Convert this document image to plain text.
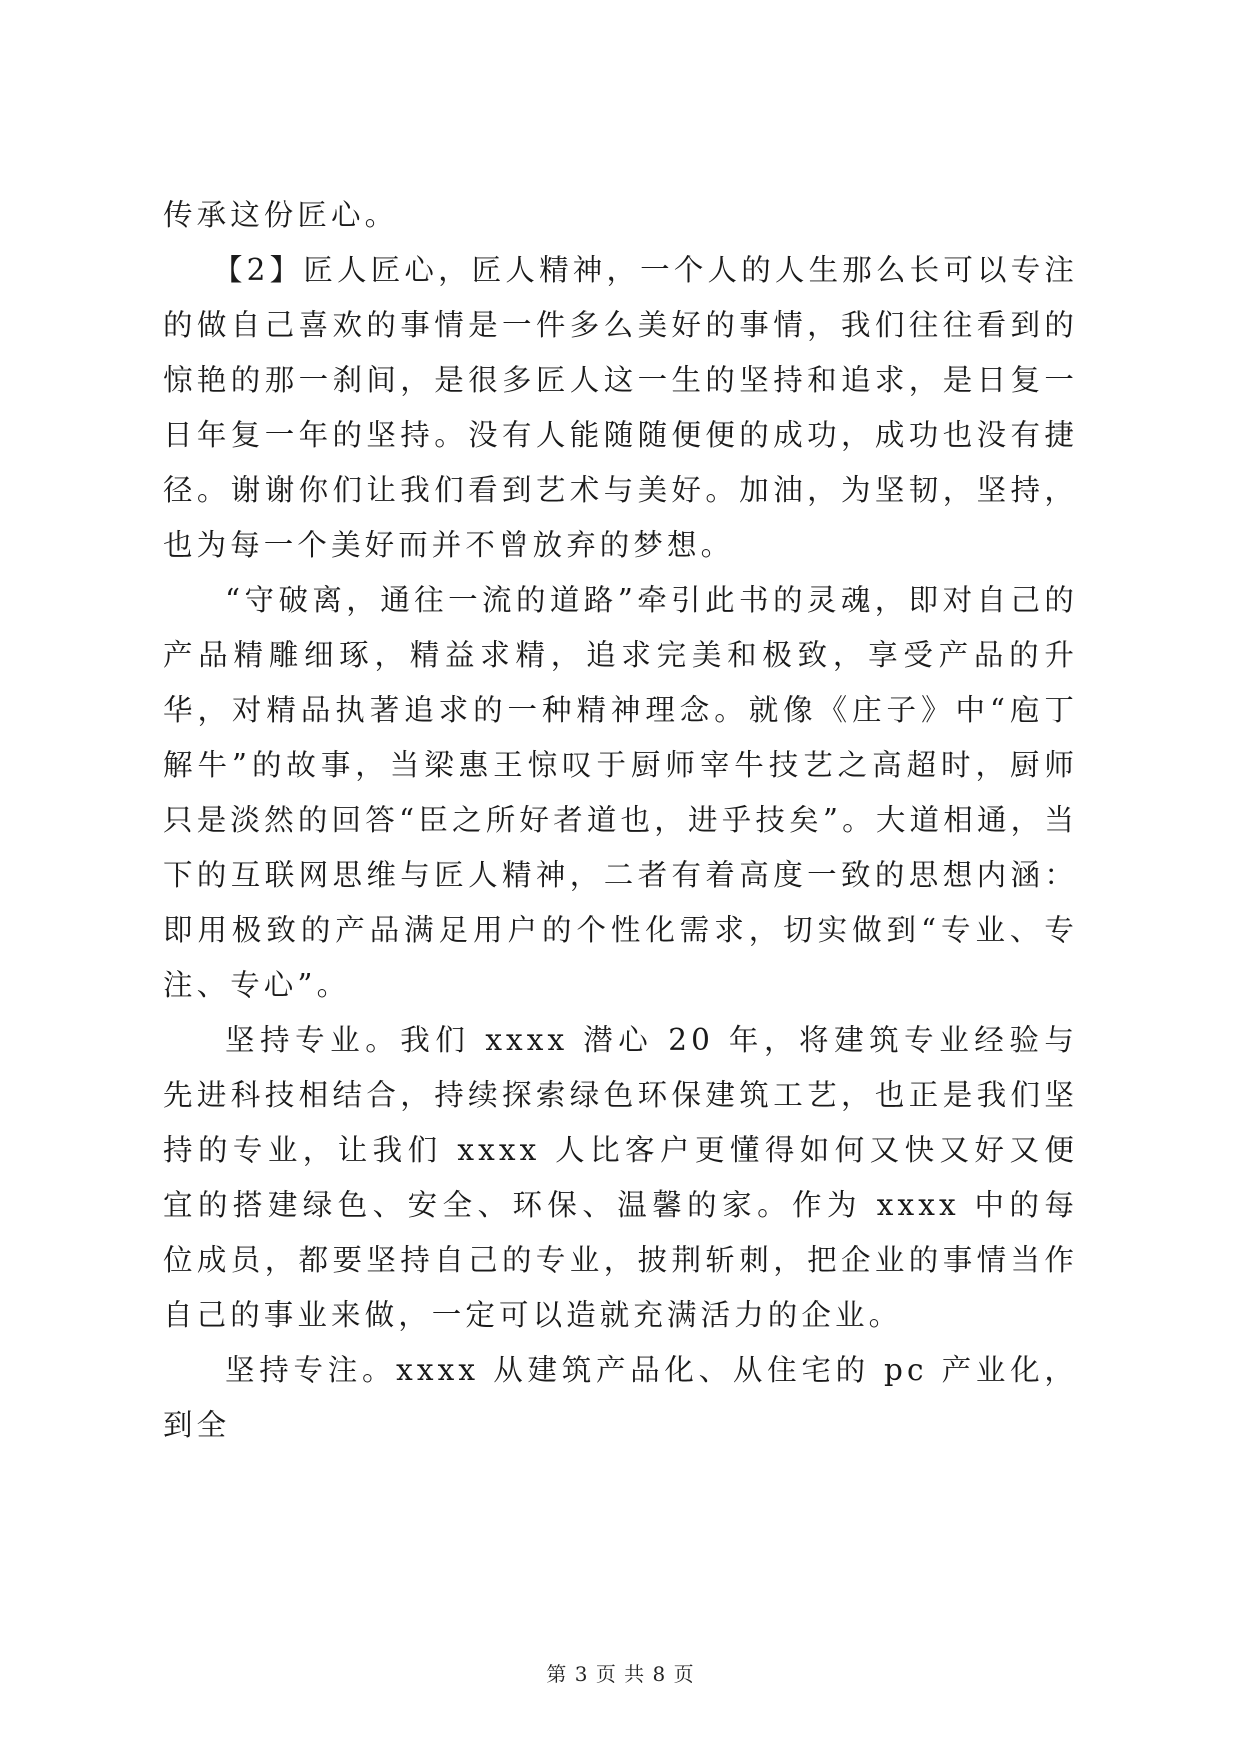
传承这份匠心。

【2】匠人匠心，匠人精神，一个人的人生那么长可以专注的做自己喜欢的事情是一件多么美好的事情，我们往往看到的惊艳的那一刹间，是很多匠人这一生的坚持和追求，是日复一日年复一年的坚持。没有人能随随便便的成功，成功也没有捷径。谢谢你们让我们看到艺术与美好。加油，为坚韧，坚持，也为每一个美好而并不曾放弃的梦想。

“守破离，通往一流的道路”牵引此书的灵魂，即对自己的产品精雕细琢，精益求精，追求完美和极致，享受产品的升华，对精品执著追求的一种精神理念。就像《庄子》中“庖丁解牛”的故事，当梁惠王惊叹于厨师宰牛技艺之高超时，厨师只是淡然的回答“臣之所好者道也，进乎技矣”。大道相通，当下的互联网思维与匠人精神，二者有着高度一致的思想内涵：即用极致的产品满足用户的个性化需求，切实做到“专业、专注、专心”。

坚持专业。我们 xxxx 潜心 20 年，将建筑专业经验与先进科技相结合，持续探索绿色环保建筑工艺，也正是我们坚持的专业，让我们 xxxx 人比客户更懂得如何又快又好又便宜的搭建绿色、安全、环保、温馨的家。作为 xxxx 中的每位成员，都要坚持自己的专业，披荆斩刺，把企业的事情当作自己的事业来做，一定可以造就充满活力的企业。

坚持专注。xxxx 从建筑产品化、从住宅的 pc 产业化，到全

第 3 页 共 8 页
